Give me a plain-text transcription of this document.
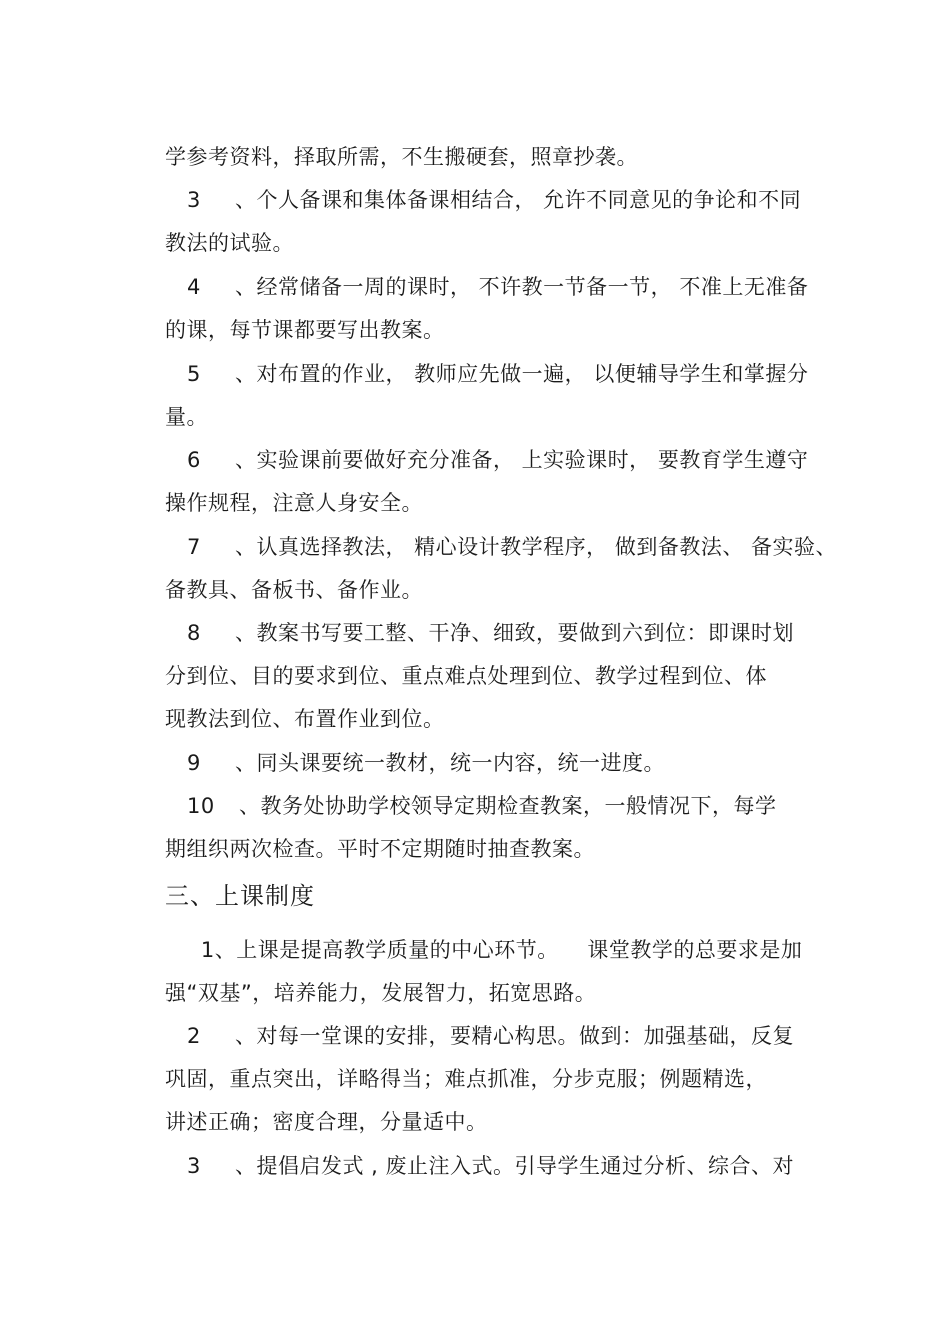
学参考资料，择取所需，不生搬硬套，照章抄袭。
3 、个人备课和集体备课相结合， 允许不同意见的争论和不同
教法的试验。
4 、经常储备一周的课时， 不许教一节备一节， 不准上无准备
的课，每节课都要写出教案。
5 、对布置的作业， 教师应先做一遍， 以便辅导学生和掌握分
量。
6 、实验课前要做好充分准备， 上实验课时， 要教育学生遵守
操作规程，注意人身安全。
7 、认真选择教法， 精心设计教学程序， 做到备教法、 备实验、
备教具、备板书、备作业。
8 、教案书写要工整、干净、细致，要做到六到位：即课时划
分到位、目的要求到位、重点难点处理到位、教学过程到位、体
现教法到位、布置作业到位。
9 、同头课要统一教材，统一内容，统一进度。
10 、教务处协助学校领导定期检查教案，一般情况下，每学
期组织两次检查。平时不定期随时抽查教案。
三、上课制度
1、上课是提高教学质量的中心环节。    课堂教学的总要求是加
强“双基”，培养能力，发展智力，拓宽思路。
2 、对每一堂课的安排，要精心构思。做到：加强基础，反复
巩固，重点突出，详略得当；难点抓准，分步克服；例题精选，
讲述正确；密度合理，分量适中。
3 、提倡启发式 , 废止注入式。引导学生通过分析、综合、对
